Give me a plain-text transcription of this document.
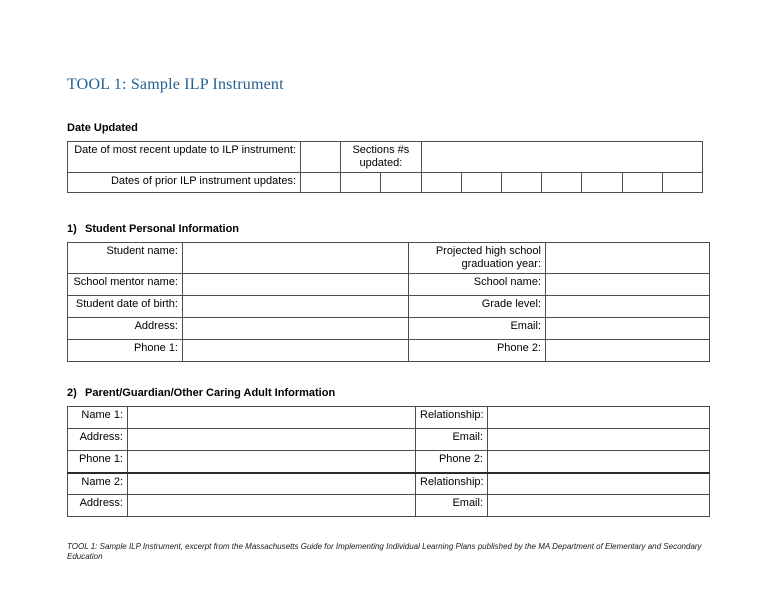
TOOL 1: Sample ILP Instrument
Date Updated
Date of most recent update to ILP instrument:		Sections #s updated:								
Dates of prior ILP instrument updates:										
1) Student Personal Information
Student name:		Projected high school graduation year:	
School mentor name:		School name:	
Student date of birth:		Grade level:	
Address:		Email:	
Phone 1:		Phone 2:	
2) Parent/Guardian/Other Caring Adult Information
Name 1:		Relationship:	
Address:		Email:	
Phone 1:		Phone 2:	
Name 2:		Relationship:	
Address:		Email:	
TOOL 1: Sample ILP Instrument, excerpt from the Massachusetts Guide for Implementing Individual Learning Plans published by the MA Department of Elementary and Secondary Education
